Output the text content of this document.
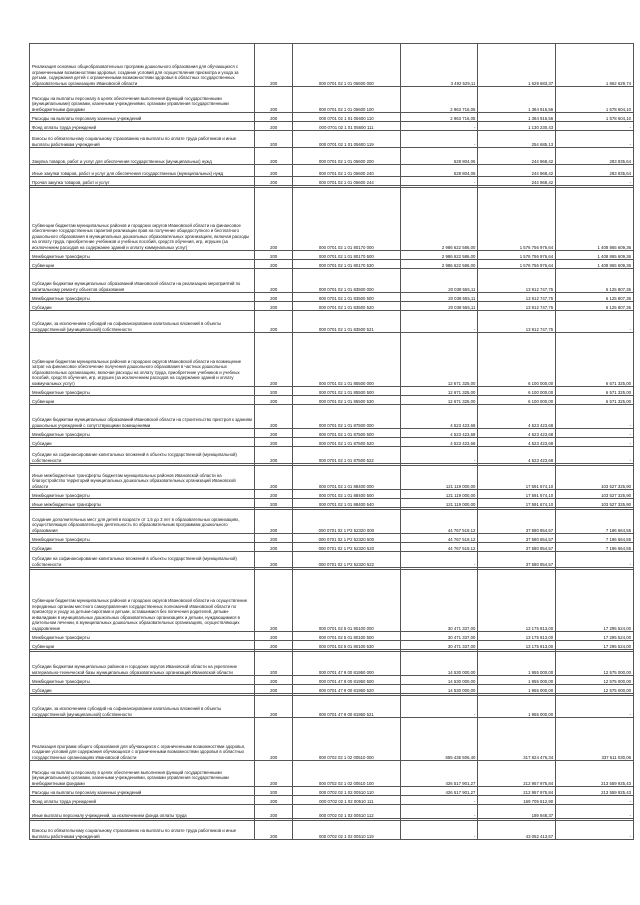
Реализация основных общеобразовательных программ дошкольного образования для обучающихся с ограниченными возможностями здоровья, создание условий для осуществления присмотра и ухода за детьми, содержания детей с ограниченными возможностями здоровья в областных государственных образовательных организациях Ивановской области	200	000 0701 02 1 01 05600 000	3 492 529,11	1 629 683,37	1 862 629,74
Расходы на выплаты персоналу в целях обеспечения выполнения функций государственными (муниципальными) органами, казенными учреждениями, органами управления государственными внебюджетными фондами	200	000 0701 02 1 01 05600 100	2 963 716,05	1 384 915,56	1 578 604,10
Расходы на выплаты персоналу казенных учреждений	200	000 0701 02 1 01 05600 110	2 963 716,05	1 384 915,56	1 578 604,10
Фонд оплаты труда учреждений	200	000 0701 02 1 01 05600 111	-	1 130 230,43	-
Взносы по обязательному социальному страхованию на выплаты по оплате труда работников и иные выплаты работникам учреждений	200	000 0701 02 1 01 05600 119	-	254 685,13	-
Закупка товаров, работ и услуг для обеспечения государственных (муниципальных) нужд	200	000 0701 02 1 01 05600 200	528 804,06	244 968,42	283 835,64
Иные закупки товаров, работ и услуг для обеспечения государственных (муниципальных) нужд	200	000 0701 02 1 01 05600 240	528 804,06	244 968,42	283 835,64
Прочая закупка товаров, работ и услуг	200	000 0701 02 1 01 05600 244	-	244 968,42	-

Субвенции бюджетам муниципальных районов и городских округов Ивановской области на финансовое обеспечение государственных гарантий реализации прав на получение общедоступного и бесплатного дошкольного образования в муниципальных дошкольных образовательных организациях, включая расходы на оплату труда, приобретение учебников и учебных пособий, средств обучения, игр, игрушек (за исключением расходов на содержание зданий и оплату коммунальных услуг)	200	000 0701 02 1 01 80170 000	2 986 622 586,00	1 576 756 976,64	1 408 865 609,36
Межбюджетные трансферты	200	000 0701 02 1 01 80170 500	2 986 622 586,00	1 576 756 976,64	1 408 865 609,36
Субвенции	200	000 0701 02 1 01 80170 530	2 986 622 586,00	1 576 756 976,64	1 408 865 609,36
Субсидии бюджетам муниципальных образований Ивановской области на реализацию мероприятий по капитальному ремонту объектов образования	200	000 0701 02 1 01 83500 000	20 038 555,11	13 912 747,75	6 125 807,36
Межбюджетные трансферты	200	000 0701 02 1 01 83500 500	20 038 555,11	13 912 747,75	6 125 807,36
Субсидии	200	000 0701 02 1 01 83500 520	20 038 555,11	13 912 747,75	6 125 807,36
Субсидии, за исключением субсидий на софинансирование капитальных вложений в объекты государственной (муниципальной) собственности	200	000 0701 02 1 01 83500 521	-	13 912 747,75	-
Субвенции бюджетам муниципальных районов и городских округов Ивановской области на возмещение затрат на финансовое обеспечение получения дошкольного образования в частных дошкольных образовательных организациях, включая расходы на оплату труда, приобретение учебников и учебных пособий, средств обучения, игр, игрушек (за исключением расходов на содержание зданий и оплату коммунальных услуг)	200	000 0701 02 1 01 85500 000	12 671 325,00	6 100 000,00	6 571 325,00
Межбюджетные трансферты	200	000 0701 02 1 01 85500 500	12 671 325,00	6 100 000,00	6 571 325,00
Субвенции	200	000 0701 02 1 01 85500 530	12 671 325,00	6 100 000,00	6 571 325,00
Субсидии бюджетам муниципальных образований Ивановской области на строительство пристроя к зданиям дошкольных учреждений с сопутствующими помещениями	200	000 0701 02 1 01 87500 000	4 523 423,68	4 523 423,68	-
Межбюджетные трансферты	200	000 0701 02 1 01 87500 500	4 523 423,68	4 523 423,68	-
Субсидии	200	000 0701 02 1 01 87500 520	4 523 423,68	4 523 423,68	-
Субсидии на софинансирование капитальных вложений в объекты государственной (муниципальной) собственности	200	000 0701 02 1 01 87500 522	-	4 523 423,68	-

Иные межбюджетные трансферты бюджетам муниципальных районов Ивановской области на благоустройство территорий муниципальных дошкольных образовательных организаций Ивановской области	200	000 0701 02 1 01 88400 000	121 119 000,00	17 591 674,10	103 527 325,90
Межбюджетные трансферты	200	000 0701 02 1 01 88400 500	121 119 000,00	17 591 674,10	103 527 325,90
Иные межбюджетные трансферты	200	000 0701 02 1 01 88400 540	121 119 000,00	17 591 674,10	103 527 325,90

Создание дополнительных мест для детей в возрасте от 1,5 до 3 лет в образовательных организациях, осуществляющих образовательную деятельность по образовательным программам дошкольного образования	200	000 0701 02 1 P2 52320 000	44 767 519,12	37 580 854,57	7 186 664,55
Межбюджетные трансферты	200	000 0701 02 1 P2 52320 500	44 767 519,12	37 580 854,57	7 186 664,55
Субсидии	200	000 0701 02 1 P2 52320 520	44 767 519,12	37 580 854,57	7 186 664,55
Субсидии на софинансирование капитальных вложений в объекты государственной (муниципальной) собственности	200	000 0701 02 1 P2 52320 522	-	37 580 854,57	-

Субвенции бюджетам муниципальных районов и городских округов Ивановской области на осуществление переданных органам местного самоуправления государственных полномочий Ивановской области по присмотру и уходу за детьми-сиротами и детьми, оставшимися без попечения родителей, детьми-инвалидами в муниципальных дошкольных образовательных организациях и детьми, нуждающимися в длительном лечении, в муниципальных дошкольных образовательных организациях, осуществляющих оздоровление	200	000 0701 02 5 01 80100 000	30 471 337,00	13 175 813,00	17 295 524,00
Межбюджетные трансферты	200	000 0701 02 5 01 80100 500	30 471 337,00	13 175 813,00	17 295 524,00
Субвенции	200	000 0701 02 5 01 80100 530	30 471 337,00	13 175 813,00	17 295 524,00

Субсидии бюджетам муниципальных районов и городских округов Ивановской области на укрепление материально-технической базы муниципальных образовательных организаций Ивановской области	200	000 0701 47 9 00 81950 000	14 530 000,00	1 955 000,00	12 575 000,00
Межбюджетные трансферты	200	000 0701 47 9 00 81950 500	14 530 000,00	1 955 000,00	12 575 000,00
Субсидии	200	000 0701 47 9 00 81950 520	14 530 000,00	1 955 000,00	12 575 000,00

Субсидии, за исключением субсидий на софинансирование капитальных вложений в объекты государственной (муниципальной) собственности	200	000 0701 47 9 00 81950 521	-	1 955 000,00	-
Реализация программ общего образования для обучающихся с ограниченными возможностями здоровья, создание условий для содержания обучающихся с ограниченными возможностями здоровья в областных государственных организациях Ивановской области	200	000 0702 02 1 02 00510 000	655 435 506,40	317 824 476,34	337 611 030,06
Расходы на выплаты персоналу в целях обеспечения выполнения функций государственными (муниципальными) органами, казенными учреждениями, органами управления государственными внебюджетными фондами	200	000 0702 02 1 02 00510 100	426 517 901,27	212 957 975,84	213 559 925,43
Расходы на выплаты персоналу казенных учреждений	200	000 0702 02 1 02 00510 110	426 517 901,27	212 957 975,84	213 559 925,43
Фонд оплаты труда учреждений	200	000 0702 02 1 02 00510 111	-	169 705 612,90	-
Иные выплаты персоналу учреждений, за исключением фонда оплаты труда	200	000 0702 02 1 02 00510 112	-	189 948,37	-

Взносы по обязательному социальному страхованию на выплаты по оплате труда работников и иные выплаты работникам учреждений	200	000 0702 02 1 02 00510 119	-	43 062 413,57	-
